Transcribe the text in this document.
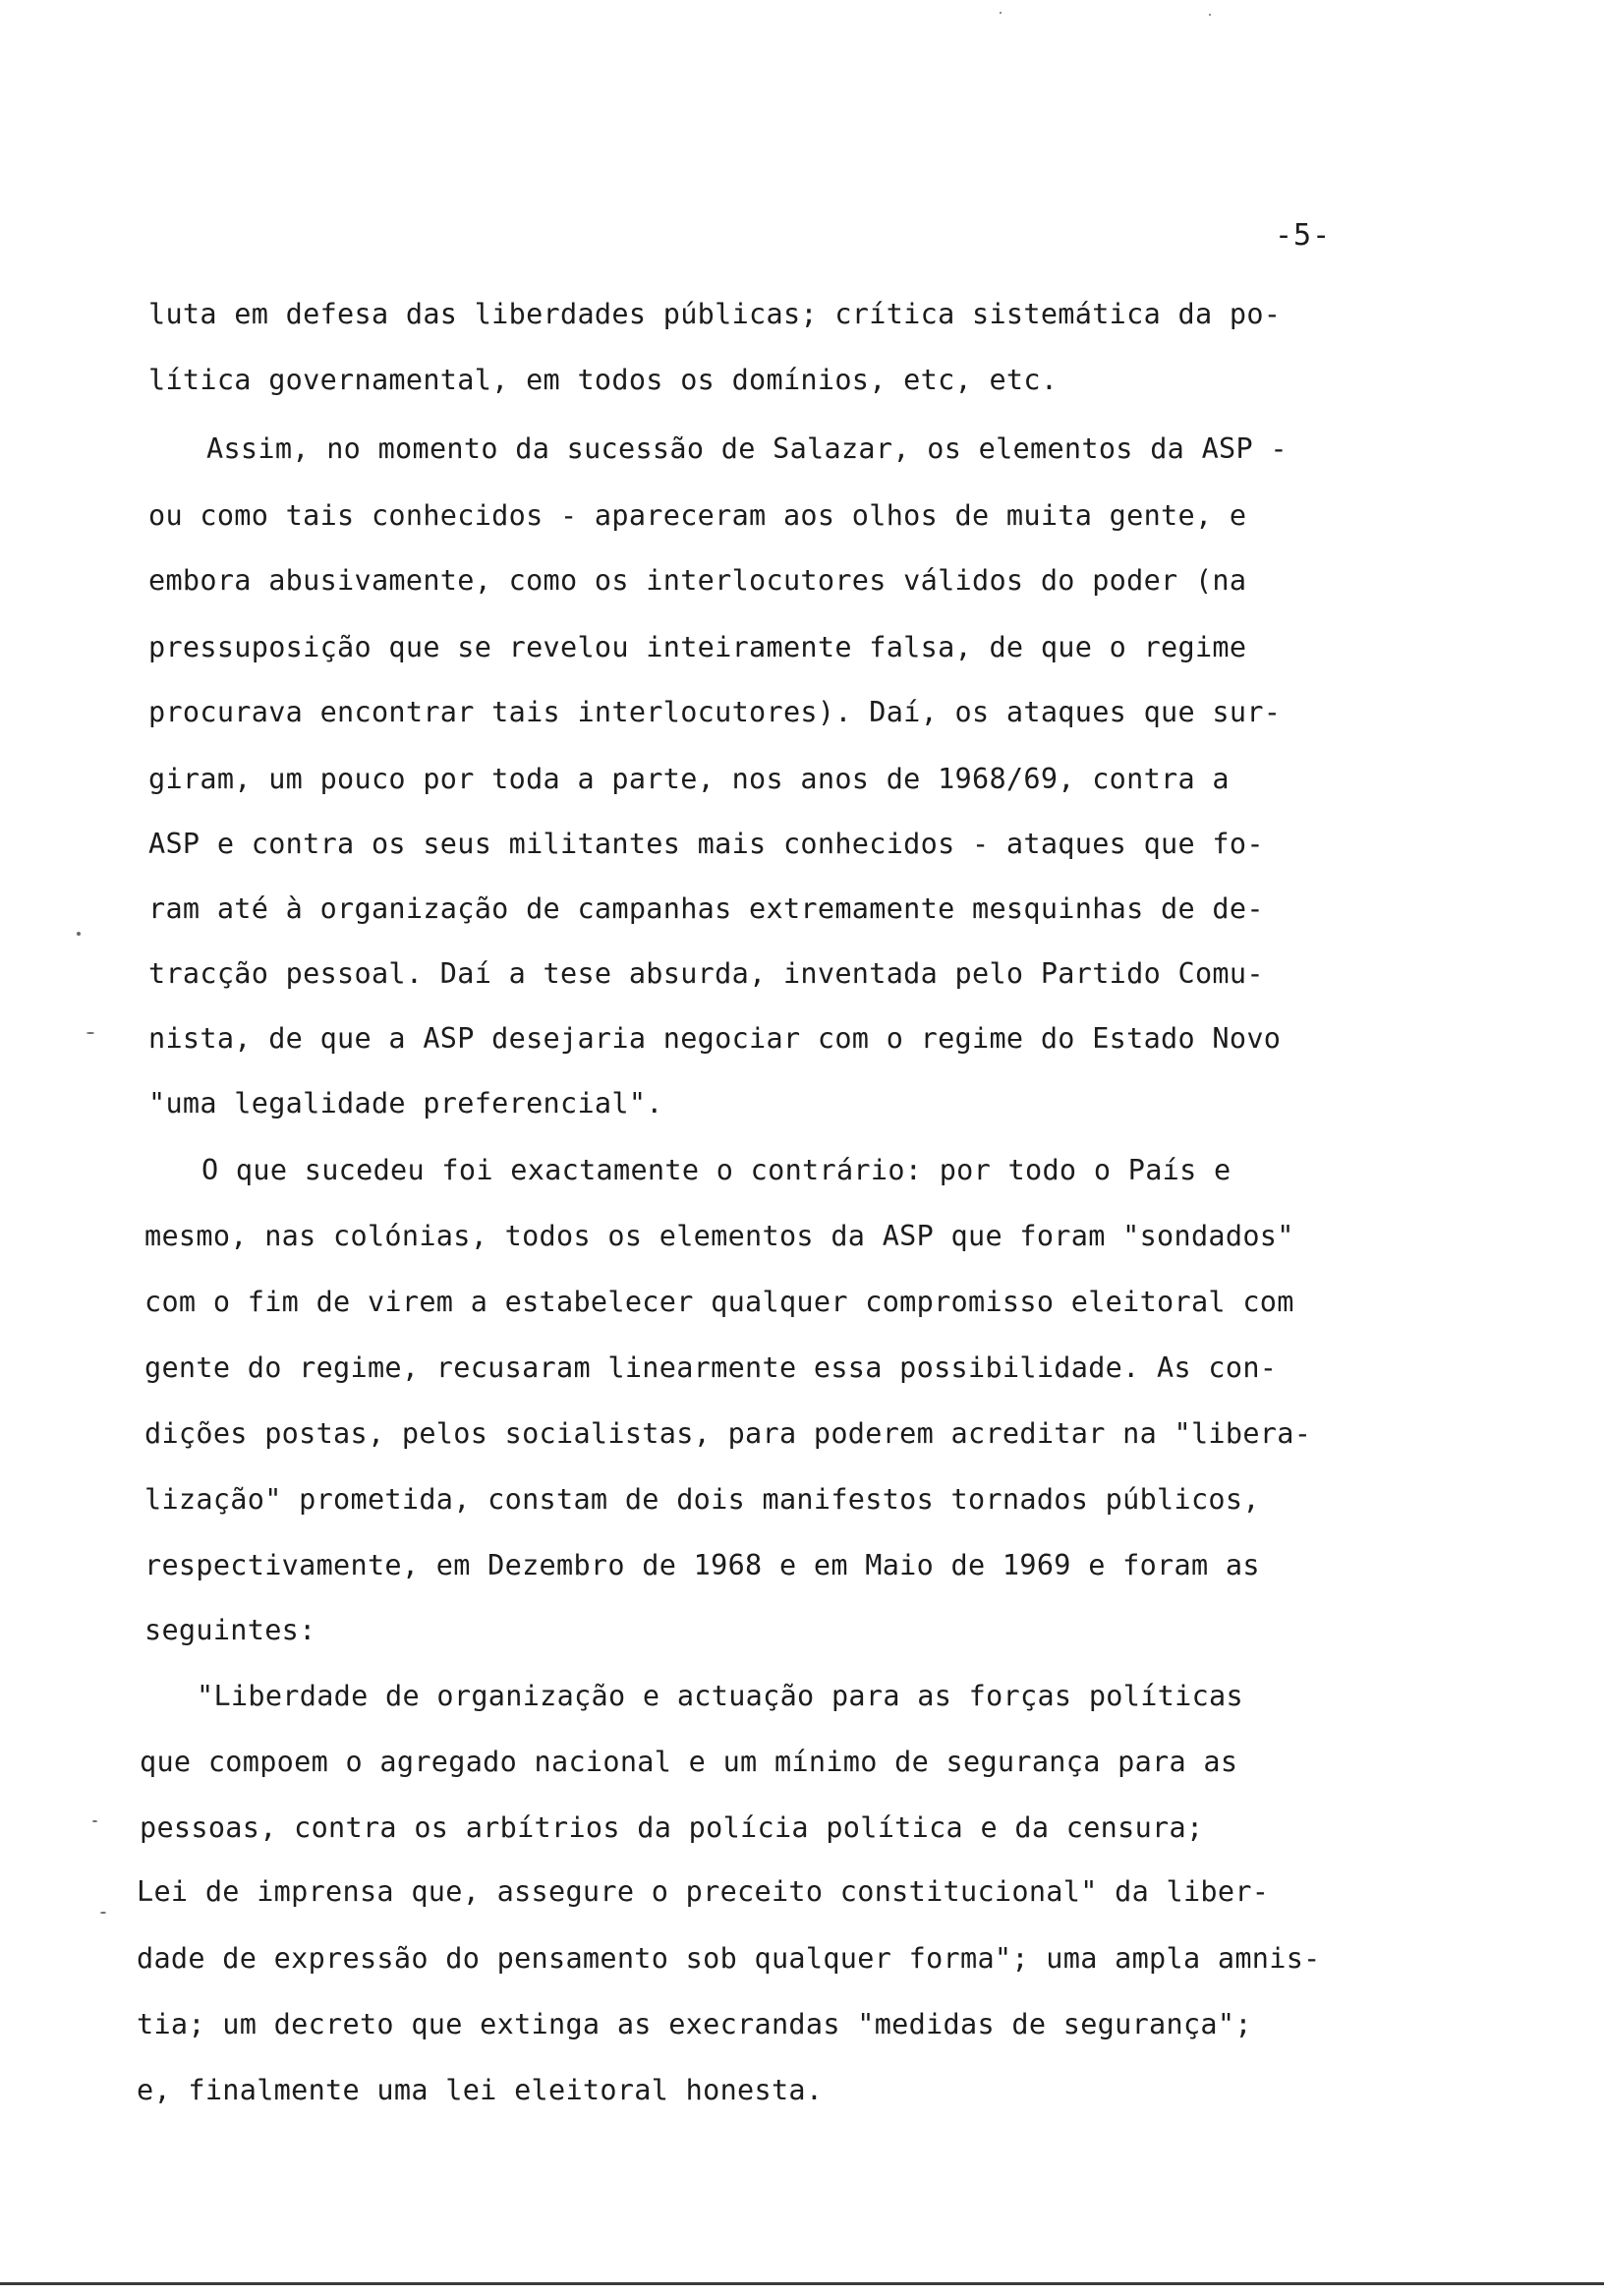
-5-
luta em defesa das liberdades públicas; crítica sistemática da po-
lítica governamental, em todos os domínios, etc, etc.
Assim, no momento da sucessão de Salazar, os elementos da ASP -
ou como tais conhecidos - apareceram aos olhos de muita gente, e
embora abusivamente, como os interlocutores válidos do poder (na
pressuposição que se revelou inteiramente falsa, de que o regime
procurava encontrar tais interlocutores). Daí, os ataques que sur-
giram, um pouco por toda a parte, nos anos de 1968/69, contra a
ASP e contra os seus militantes mais conhecidos - ataques que fo-
ram até à organização de campanhas extremamente mesquinhas de de-
tracção pessoal. Daí a tese absurda, inventada pelo Partido Comu-
nista, de que a ASP desejaria negociar com o regime do Estado Novo
"uma legalidade preferencial".
O que sucedeu foi exactamente o contrário: por todo o País e
mesmo, nas colónias, todos os elementos da ASP que foram "sondados"
com o fim de virem a estabelecer qualquer compromisso eleitoral com
gente do regime, recusaram linearmente essa possibilidade. As con-
dições postas, pelos socialistas, para poderem acreditar na "libera-
lização" prometida, constam de dois manifestos tornados públicos,
respectivamente, em Dezembro de 1968 e em Maio de 1969 e foram as
seguintes:
"Liberdade de organização e actuação para as forças políticas
que compoem o agregado nacional e um mínimo de segurança para as
pessoas, contra os arbítrios da polícia política e da censura;
Lei de imprensa que, assegure o preceito constitucional" da liber-
dade de expressão do pensamento sob qualquer forma"; uma ampla amnis-
tia; um decreto que extinga as execrandas "medidas de segurança";
e, finalmente uma lei eleitoral honesta.
